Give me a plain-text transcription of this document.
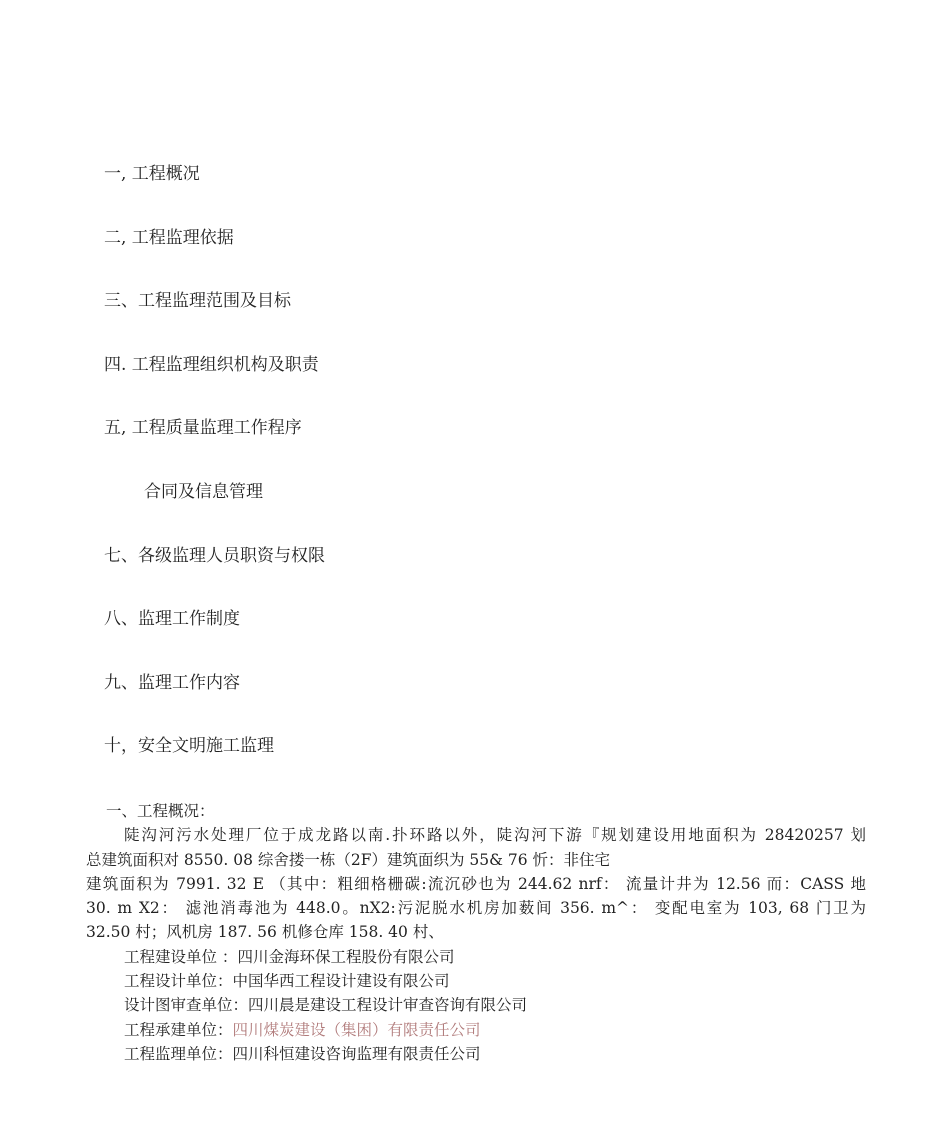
一, 工程概况
二, 工程监理依据
三、工程监理范围及目标
四. 工程监理组织机构及职责
五, 工程质量监理工作程序
合同及信息管理
七、各级监理人员职资与权限
八、监理工作制度
九、监理工作内容
十，安全文明施工监理
一、工程概况：
陡沟河污水处理厂位于成龙路以南.扑环路以外，陡沟河下游『规划建设用地面积为 28420257 划
总建筑面积对 8550. 08 综舍搂一栋（2F）建筑面织为 55& 76 忻：非住宅
建筑面积为 7991. 32 E （其中：粗细格栅碳:流沉砂也为 244.62 nrf： 流量计井为 12.56 而：CASS 地
30. m X2： 滤池消毒池为 448.0。nX2:污泥脱水机房加薮间 356. m^： 变配电室为 103, 68 门卫为
32.50 村；风机房 187. 56 机修仓库 158. 40 村、
工程建设单位 ：四川金海环保工程股份有限公司
工程设计单位：中国华西工程设计建设有限公司
设计图审查单位：四川晨是建设工程设计审查咨询有限公司
工程承建单位：四川煤炭建设（集困）有限责任公司
工程监理单位：四川科恒建设咨询监理有限责任公司
